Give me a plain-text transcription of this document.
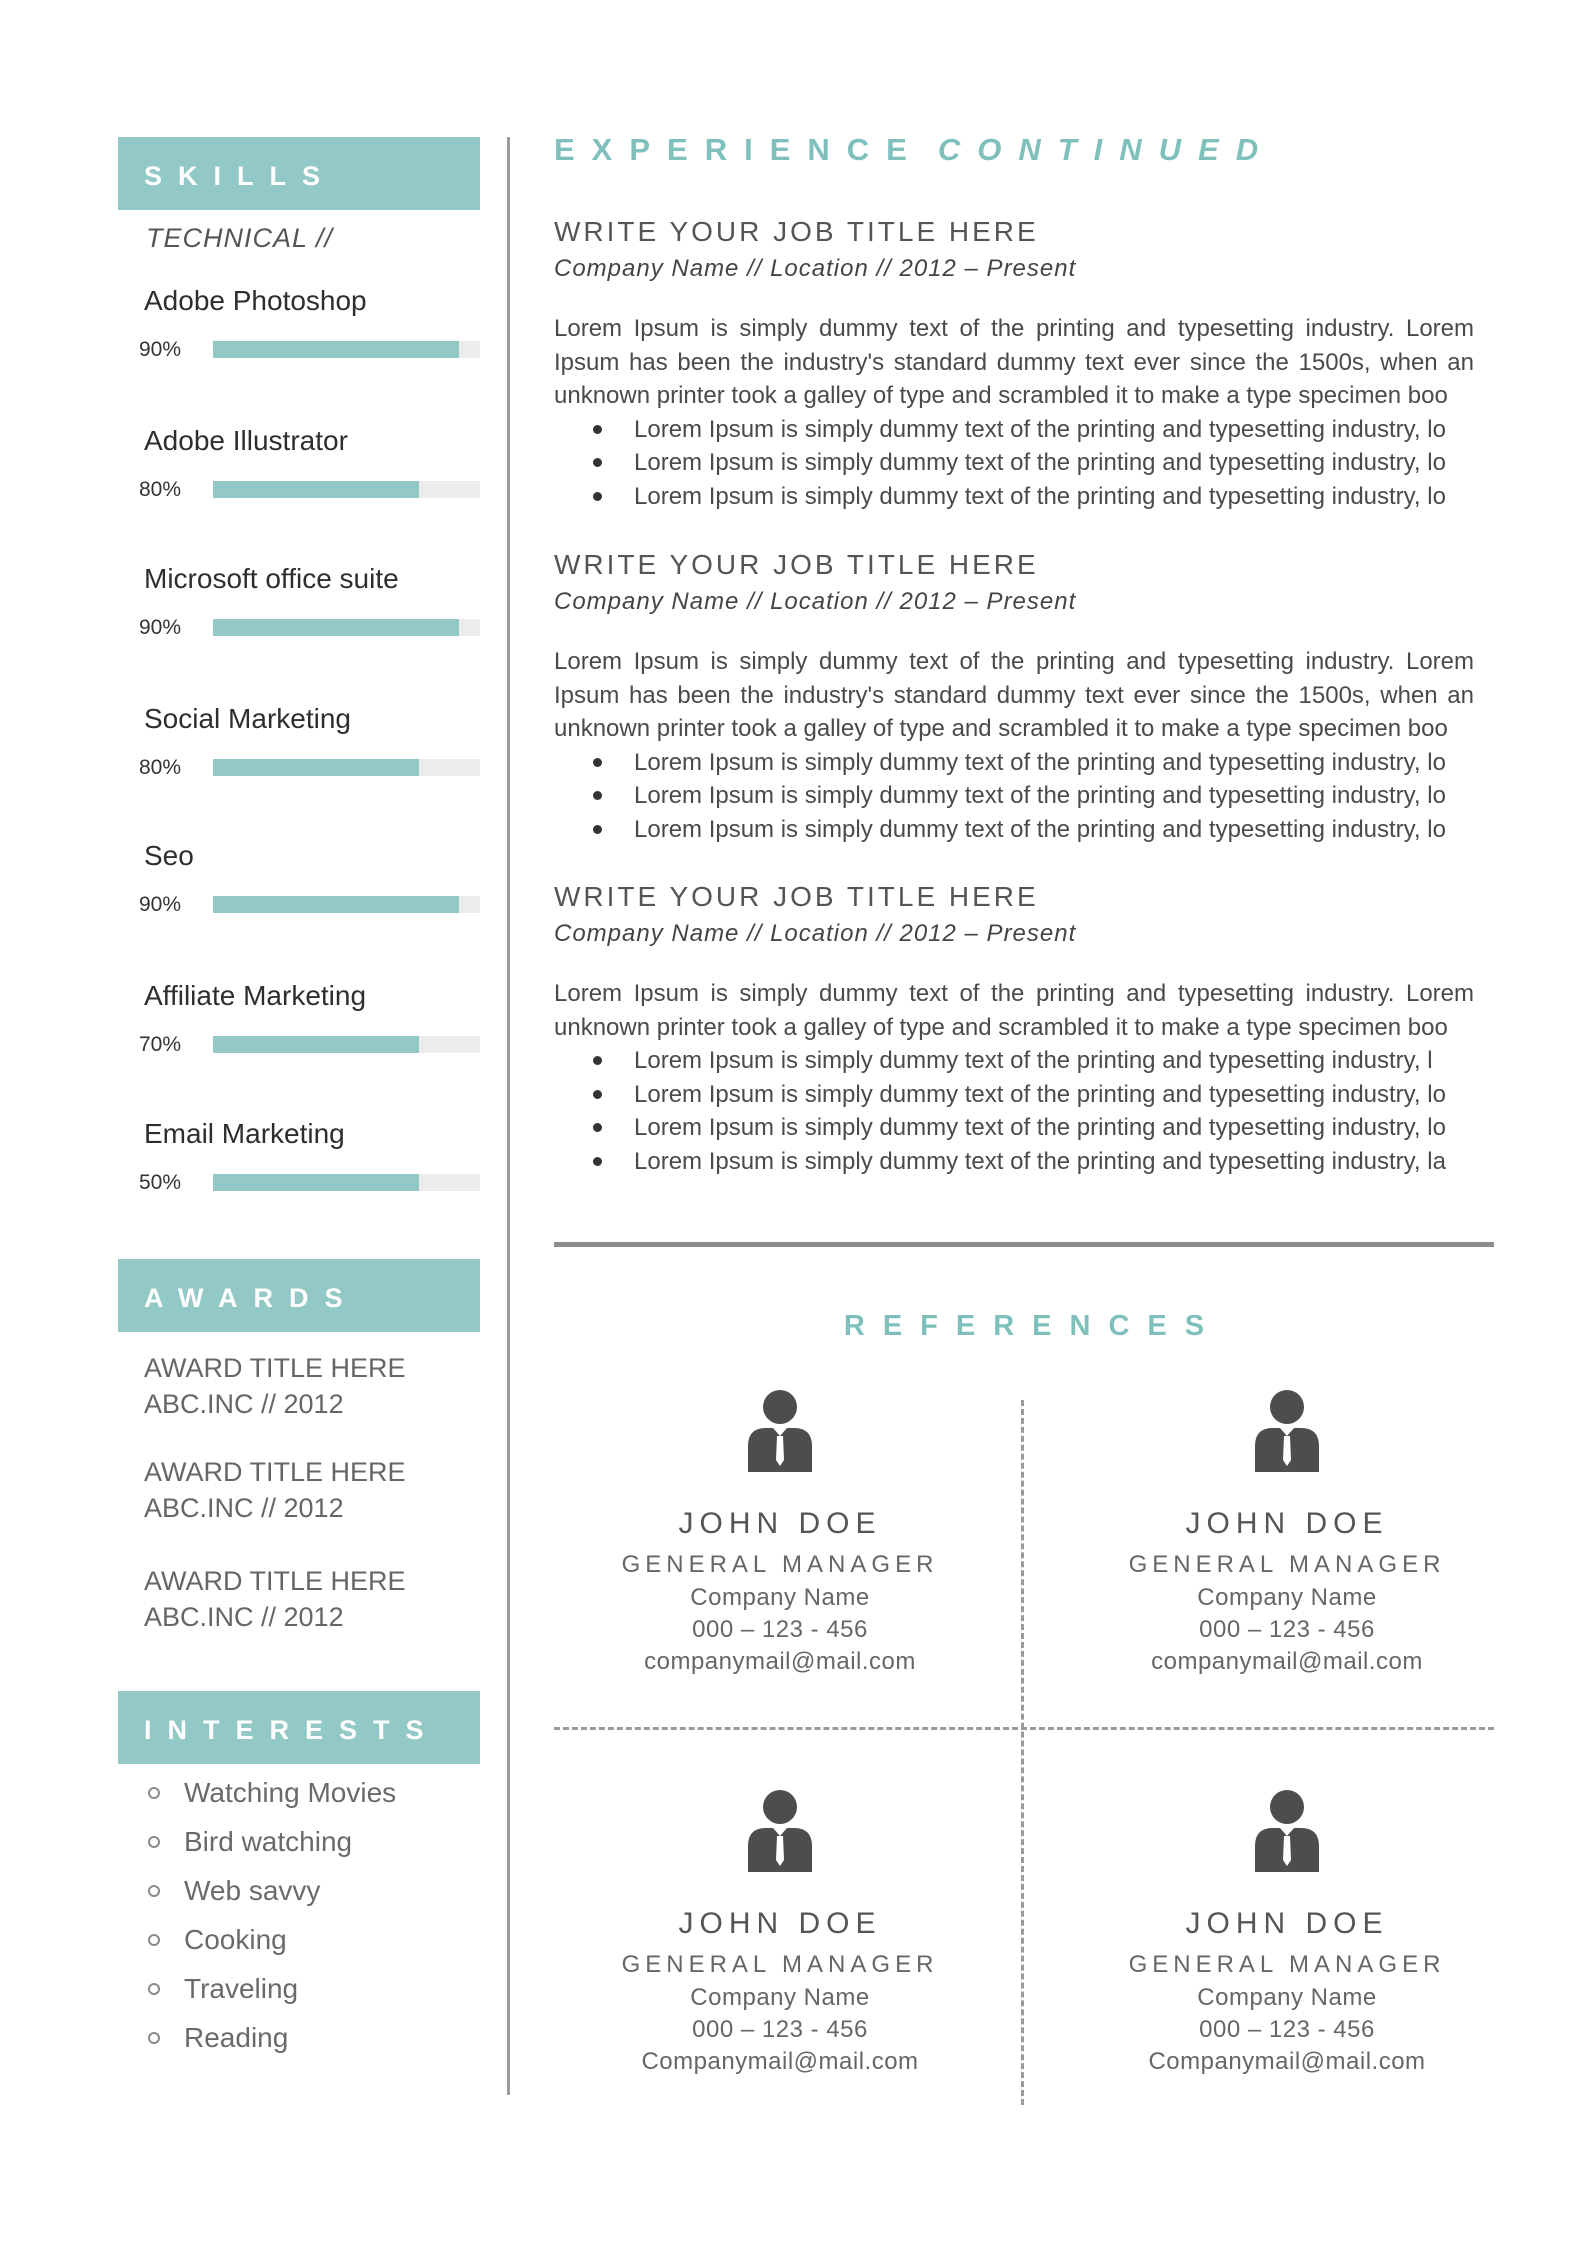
SKILLS
TECHNICAL //
Adobe Photoshop
90%
Adobe Illustrator
80%
Microsoft office suite
90%
Social Marketing
80%
Seo
90%
Affiliate Marketing
70%
Email Marketing
50%
AWARDS
AWARD TITLE HERE
ABC.INC // 2012
AWARD TITLE HERE
ABC.INC // 2012
AWARD TITLE HERE
ABC.INC // 2012
INTERESTS
Watching Movies
Bird watching
Web savvy
Cooking
Traveling
Reading
EXPERIENCE CONTINUED
WRITE YOUR JOB TITLE HERE
Company Name // Location // 2012 – Present
Lorem Ipsum is simply dummy text of the printing and typesetting industry. Lorem Ipsum has been the industry's standard dummy text ever since the 1500s, when an unknown printer took a galley of type and scrambled it to make a type specimen boo
Lorem Ipsum is simply dummy text of the printing and typesetting industry, lo
Lorem Ipsum is simply dummy text of the printing and typesetting industry, lo
Lorem Ipsum is simply dummy text of the printing and typesetting industry, lo
WRITE YOUR JOB TITLE HERE
Company Name // Location // 2012 – Present
Lorem Ipsum is simply dummy text of the printing and typesetting industry. Lorem Ipsum has been the industry's standard dummy text ever since the 1500s, when an unknown printer took a galley of type and scrambled it to make a type specimen boo
Lorem Ipsum is simply dummy text of the printing and typesetting industry, lo
Lorem Ipsum is simply dummy text of the printing and typesetting industry, lo
Lorem Ipsum is simply dummy text of the printing and typesetting industry, lo
WRITE YOUR JOB TITLE HERE
Company Name // Location // 2012 – Present
Lorem Ipsum is simply dummy text of the printing and typesetting industry. Lorem unknown printer took a galley of type and scrambled it to make a type specimen boo
Lorem Ipsum is simply dummy text of the printing and typesetting industry, l
Lorem Ipsum is simply dummy text of the printing and typesetting industry, lo
Lorem Ipsum is simply dummy text of the printing and typesetting industry, lo
Lorem Ipsum is simply dummy text of the printing and typesetting industry, la
REFERENCES
JOHN DOE
GENERAL MANAGER
Company Name
000 – 123 - 456
companymail@mail.com
JOHN DOE
GENERAL MANAGER
Company Name
000 – 123 - 456
companymail@mail.com
JOHN DOE
GENERAL MANAGER
Company Name
000 – 123 - 456
Companymail@mail.com
JOHN DOE
GENERAL MANAGER
Company Name
000 – 123 - 456
Companymail@mail.com
